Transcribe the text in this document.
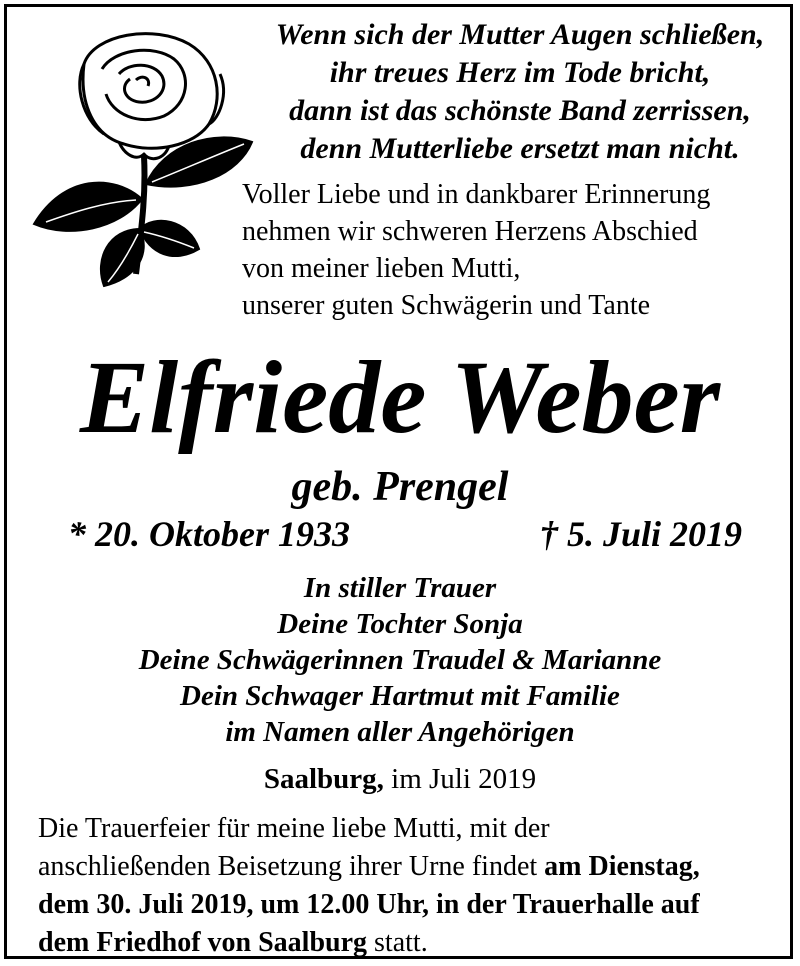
Wenn sich der Mutter Augen schließen,
ihr treues Herz im Tode bricht,
dann ist das schönste Band zerrissen,
denn Mutterliebe ersetzt man nicht.
Voller Liebe und in dankbarer Erinnerung
nehmen wir schweren Herzens Abschied
von meiner lieben Mutti,
unserer guten Schwägerin und Tante
Elfriede Weber
geb. Prengel
* 20. Oktober 1933	† 5. Juli 2019
In stiller Trauer
Deine Tochter Sonja
Deine Schwägerinnen Traudel & Marianne
Dein Schwager Hartmut mit Familie
im Namen aller Angehörigen
Saalburg, im Juli 2019
Die Trauerfeier für meine liebe Mutti, mit der
anschließenden Beisetzung ihrer Urne findet am Dienstag,
dem 30. Juli 2019, um 12.00 Uhr, in der Trauerhalle auf
dem Friedhof von Saalburg statt.
